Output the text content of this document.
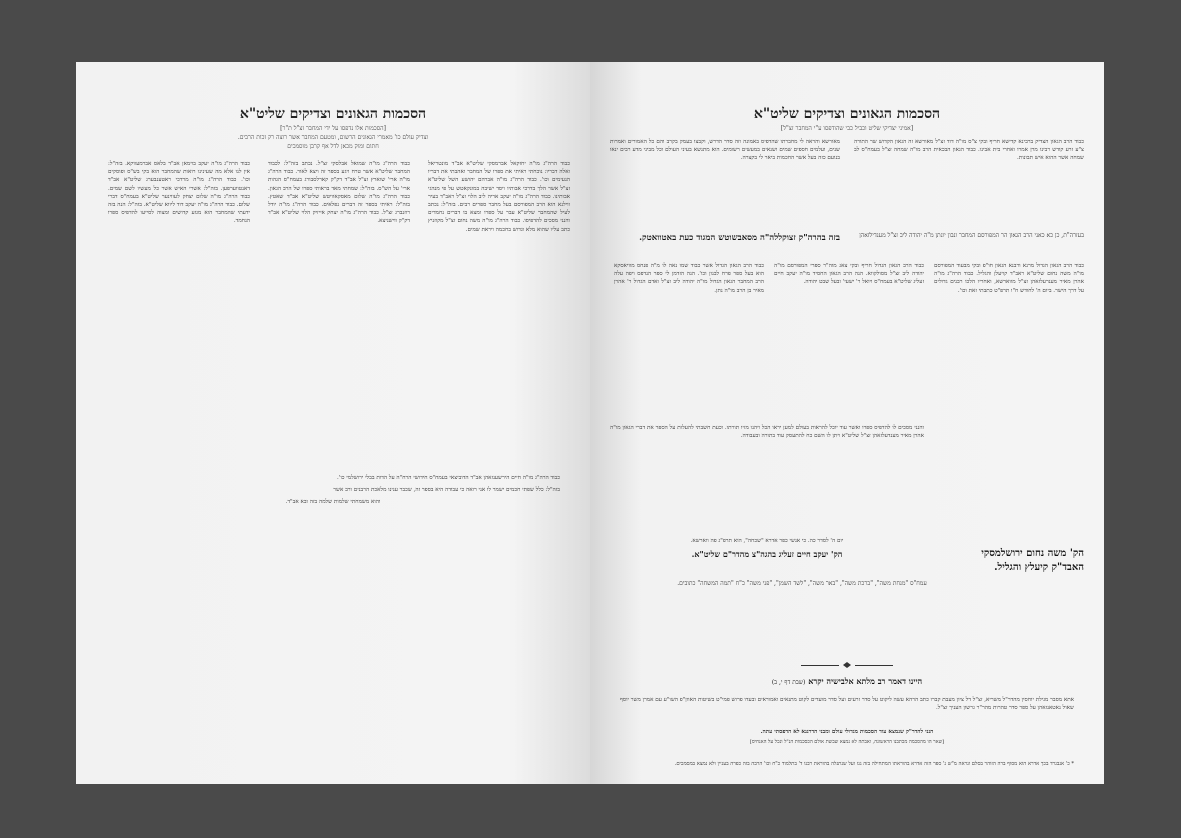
הסכמות הגאונים וצדיקים שליט"א
[הסכמות אלו נדפסו על ידי המחבר זצ"ל ת"ר]
וצדיק עולם כו' מאמרי הגאונים הרשום, ומטעם המחבר אשר רוצה רק זכות הרבים.
חתום ומוק מכאן לדל אף קרבן מוסמכים
כבוד הרה"ג מו"ה יחזקאל אברמסקי שליט"א אב"ד מונטריאל ואלה דבריו: נוכחתי ראיתי את ספרו של המחבר ואהבתי את דבריו הנעימים וכו'. כבוד הרה"ג מו"ה אברהם יהושע השל שליט"א זצ"ל אשר הלך בדרכי אבותיו ויסד ישיבה במונקאטש על פי מנהגי אבותינו. כבוד הרה"ג מו"ה יעקב אריה ליב הלוי זצ"ל ראב"ד בעיר ווילנא הוא הרב המפורסם בעל מחבר ספרים רבים. בזה"ל: נכתב לעיל שהמחבר שליט"א עבר על ספרו ומצא בו דברים נחמדים והנני מסכים להדפיסו. כבוד הרה"ג מו"ה משה נחום זצ"ל מקוזניץ כתב עליו שהוא מלא וגדוש בחכמה ויראת שמים.
כבוד הרה"ג מו"ה שמואל אבלסקי זצ"ל. נכתב בזה"ל: לכבוד המחבר שליט"א אשר טרח ויגע בספר זה ויצא לאור. כבוד הרה"ג מו"ה ארי' שוארץ זצ"ל אב"ד דק"ק קארלסבורג בעמח"ס הגהות ארי' על הש"ס. בזה"ל: שמחתי מאד בראותי ספרו של הרב הגאון. כבוד הרה"ג מו"ה שלום מאסקאוויטש שליט"א אב"ד שאטץ. בזה"ל: ראיתי בספר זה דברים נפלאים. כבוד הרה"ג מו"ה יודל רוזנברג זצ"ל. כבוד הרה"ג מו"ה יצחק אייזיק הלוי שליט"א אב"ד דק"ק ווישניצא.
כבוד הרה"ג מו"ה יעקב בוימאן אב"ד בלאס אברמעווקא. בזה"ל: אין לנו אלא מה שעינינו רואות שהמחבר הוא בקי בש"ס ופוסקים וכו'. כבוד הרה"ג מו"ה מרדכי ראטענבערג שליט"א אב"ד דאנטווערפען. בזה"ל: אשרי האיש אשר כל מעשיו לשם שמים. כבוד הרה"ג מו"ה שלום יצחק לעווינער שליט"א בעמח"ס דברי שלום. כבוד הרה"ג מו"ה יעקב דוד ליווא שליט"א. בזה"ל: הנה בזה ידעתי שהמחבר הוא מגזע קדושים ומצוה לסייעו להדפיס ספרו הנחמד.
כבוד הרה"ג מו"ה חיים הירשענזאהן אב"ד הדוביצאי בעמח"ס חידושי הרח"ה על הדות בבלי ירושלמי כו'.
בזה"ל: כלל שפתי חכמים ישמר לו אני רואה כי עבודה היא בספר זה, שכבר ענינו מלאכת הרבנים ורב אשר
והוא משמחתי שלמות שלמה בזה ובא אב"ד.
הסכמות הגאונים וצדיקים שליט"א
[אמיני יצדיקי שליט וכביל כבי שהודפסו ע"י המחבר זצ"ל]
כבוד הרב הגאון הצדיק ברבינא קדישא חריף ובקי צ"ס מו"ה דוד זצ"ל מאורשא זה הגאון הקדוש שר התורה צ"ע זרע קודש רבינו מרן אמרו ואחרי בית אבינו. כבוד הגאון הבכאית הרב מו"ה שמחה זצ"ל בעמח"ס לב שמחה אשר ההוא איש תבונות.
מאורשא והראה לי מחברתו שהדפיס באמונה וזה סדר הדרש, וקבצו בעמק בקרב והם כל האמורים ואמרות שנים, ועלמים חספים שמים ושנאים במעשים רשומים. הוא מתנשא בעיני העולם וכל מביני מדע רבים ינאו בנועם כזה בעל אשר החכמות ביאר לי בקצרה.
בעזרה"ת, כן כא כאני הרב הגאון הר המפורסם המחבר ונבון יונתן מ"ה יהודה ליב זצ"ל מענדילזאהן
בזה בהרה"ק זצוקללה"ה מסאבשוטש המגוד כעת באטוואטק.
כבוד הרב הגאון הגדול מרנא ורבנא הגאון חו"פ ובקי מבעוד המפורסם מו"ה משה נחום שליט"א ראב"ד קויעלן והגליל. כבוד הרה"ג מו"ה אהרן מאיר מענרעלזאהן זצ"ל מווארשא, ואחריו הלכו רבנים גדולים על דרך הישר. ביום ה' לחודש ח"ו תרפ"ט כתבתי זאת וכו'.
כבוד הרב הגאון הגדול חריף ובקי צאג מוה"ר ספרי המפורסם מו"ה יהודה ליב זצ"ל מסולקווא. הנה הרב הגאון החסיד מו"ה יעקב חיים זעליג שליט"א בעמח"ס ויואל ר' ישעי' ובעל שבט יהודה.
כבוד הרב הגאון הגדול אשר כבוד שמו נאה לו מ"ה פנחס מוויאסקא הוא בעל ספר פרח לבנון וכו'. הנה הזדמן לי ספר הנדפס ויפה עלה הרב המחבר הגאון הגדול מו"ה יהודה ליב זצ"ל ואדם הגדול ר' אהרן מאיר בן הרב מו"ה נתן.
והנני מסכים לו להדפיס ספרו ואשר עוד יוכל להראות בעולם למען יראו הכל ויהנו מזיו תורתו. וכעת חשבתי להעלות על הספר את דברי הגאון מו"ה אהרן מאיר מענדעלזאהן זצ"ל שליט"א ויתן לו השם כח להתעסק עוד בתורה ובעבודה.
יום ה' לסדר כה. כי אנשי כפר אדרא "שכחה", הוא תרפ"ג פה ווארשא.
הק' יעקב חיים זעליג בהגה"צ מהדר"ם שליט"א.	הק' משה נחום ירושלמסקי
האבד"ק קיעלץ והגליל.
עמח"ס "מנחת משה", "ברכת משה", "באר משה", "לשד השמן", "פני משה" כ"ח "תמה המשחה" כתובים.
היינו דאמר רב מלתא אלבישיה יקרא (שבת דף י, ב)
אתא מסבר מגילת יוחסין מהדר"ל משריא, זצ"ל דל ציון מעבת קברו כתב הרהא עשה ליקוט על סדר זרעים ועל סדר מועדים לקוט מתנאים ואמוראים ובעדו פרוש פמי"ט בשיטות האוון"פ השו"ע עם אמרן משר יוסף שאול נאטאנזאהן על ספר סדר טהרות מהר"ר גרשון העניך זצ"ל.
הנני להדר"ק שנמצא עוד הסכמות מגדולי עולם ומבני הדרגנא לא הדפסתי עתה.
[שאר הו מהסכמה מכתבנו הראשונה, ואבתה לא נמצא שבשת אולם הכסכמות הנ"ל ונכל על האנחיס]
* כ' אנבגרד בכך אדרא הוא מסוף ברה הזוהר בסלם ונראה מ"ש נ' ספר הזה אדרא בהוראתו המתחילה בזה גנז ועל שנתגלה בהוראת רבנו ד' בתלמוד כ"ח וכו' הרבה בזה כפרה בעניין ולא נמצא במסמכים.
